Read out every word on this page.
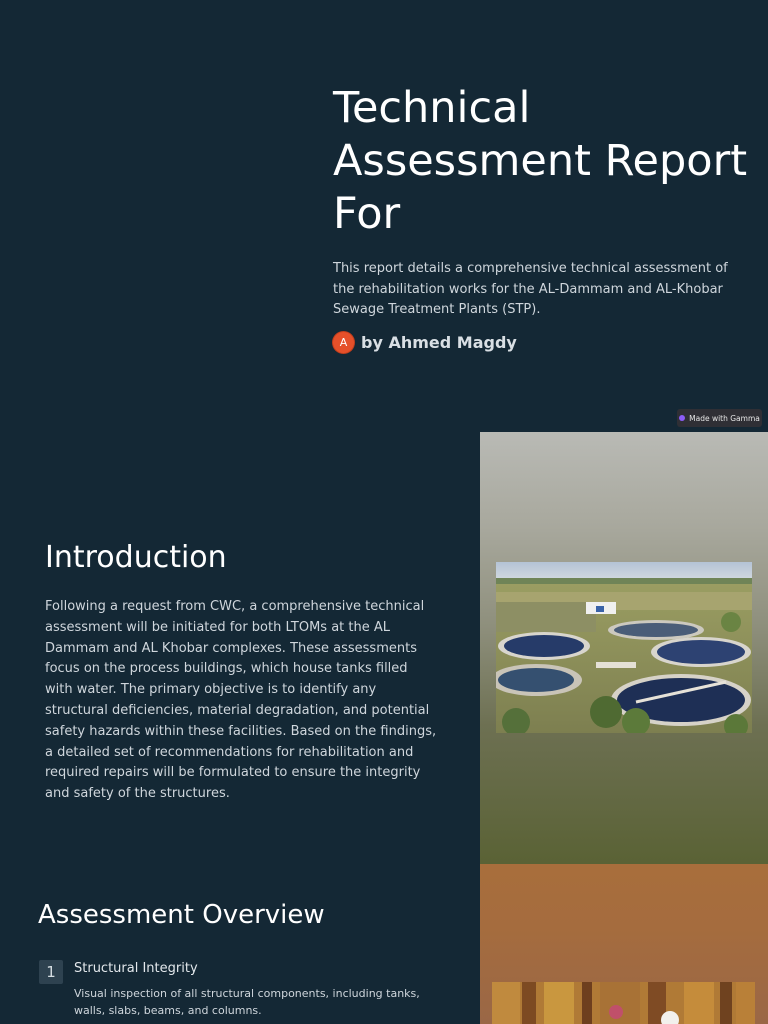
Technical Assessment Report For

This report details a comprehensive technical assessment of the rehabilitation works for the AL-Dammam and AL-Khobar Sewage Treatment Plants (STP).

A by Ahmed Magdy
Made with Gamma
Introduction

Following a request from CWC, a comprehensive technical assessment will be initiated for both LTOMs at the AL Dammam and AL Khobar complexes. These assessments focus on the process buildings, which house tanks filled with water. The primary objective is to identify any structural deficiencies, material degradation, and potential safety hazards within these facilities. Based on the findings, a detailed set of recommendations for rehabilitation and required repairs will be formulated to ensure the integrity and safety of the structures.

Assessment Overview
1	Structural Integrity

Visual inspection of all structural components, including tanks, walls, slabs, beams, and columns.
